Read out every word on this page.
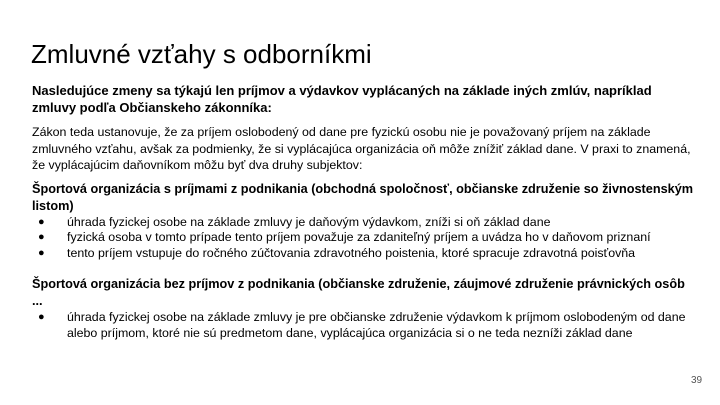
Zmluvné vzťahy s odborníkmi

Nasledujúce zmeny sa týkajú len príjmov a výdavkov vyplácaných na základe iných zmlúv, napríklad zmluvy podľa Občianskeho zákonníka:

Zákon teda ustanovuje, že za príjem oslobodený od dane pre fyzickú osobu nie je považovaný príjem na základe zmluvného vzťahu, avšak za podmienky, že si vyplácajúca organizácia oň môže znížiť základ dane. V praxi to znamená, že vyplácajúcim daňovníkom môžu byť dva druhy subjektov:

Športová organizácia s príjmami z podnikania (obchodná spoločnosť, občianske združenie so živnostenským listom)

● úhrada fyzickej osobe na základe zmluvy je daňovým výdavkom, zníži si oň základ dane
● fyzická osoba v tomto prípade tento príjem považuje za zdaniteľný príjem a uvádza ho v daňovom priznaní
● tento príjem vstupuje do ročného zúčtovania zdravotného poistenia, ktoré spracuje zdravotná poisťovňa

Športová organizácia bez príjmov z podnikania (občianske združenie, záujmové združenie právnických osôb ...

● úhrada fyzickej osobe na základe zmluvy je pre občianske združenie výdavkom k príjmom oslobodeným od dane alebo príjmom, ktoré nie sú predmetom dane, vyplácajúca organizácia si o ne teda nezníži základ dane
39
